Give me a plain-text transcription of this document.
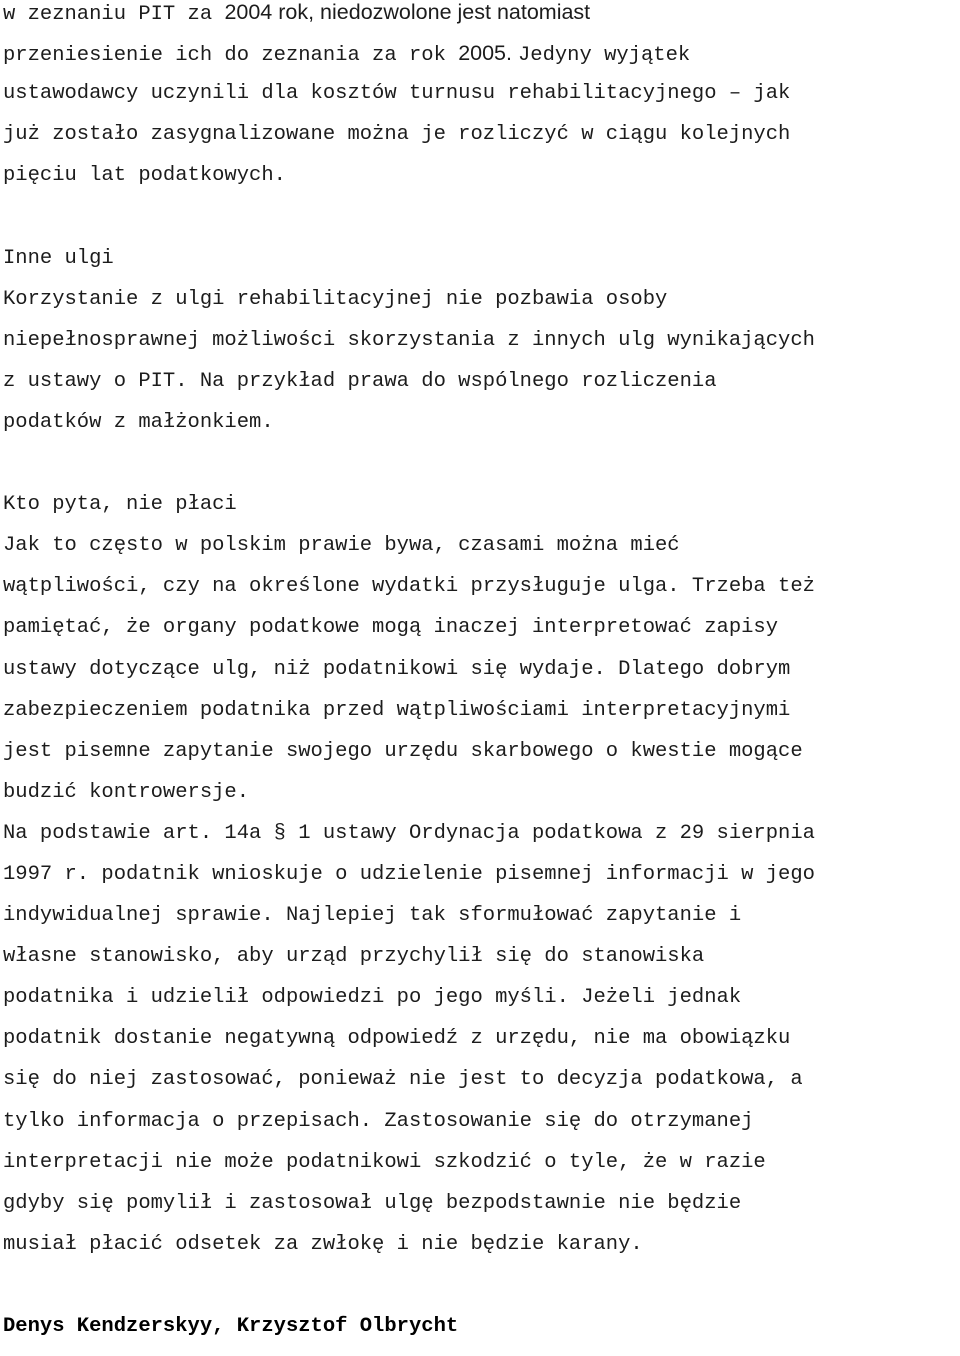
w zeznaniu PIT za 2004 rok, niedozwolone jest natomiast
przeniesienie ich do zeznania za rok 2005. Jedyny wyjątek
ustawodawcy uczynili dla kosztów turnusu rehabilitacyjnego – jak
już zostało zasygnalizowane można je rozliczyć w ciągu kolejnych
pięciu lat podatkowych.
Inne ulgi
Korzystanie z ulgi rehabilitacyjnej nie pozbawia osoby
niepełnosprawnej możliwości skorzystania z innych ulg wynikających
z ustawy o PIT. Na przykład prawa do wspólnego rozliczenia
podatków z małżonkiem.
Kto pyta, nie płaci
Jak to często w polskim prawie bywa, czasami można mieć
wątpliwości, czy na określone wydatki przysługuje ulga. Trzeba też
pamiętać, że organy podatkowe mogą inaczej interpretować zapisy
ustawy dotyczące ulg, niż podatnikowi się wydaje. Dlatego dobrym
zabezpieczeniem podatnika przed wątpliwościami interpretacyjnymi
jest pisemne zapytanie swojego urzędu skarbowego o kwestie mogące
budzić kontrowersje.
Na podstawie art. 14a § 1 ustawy Ordynacja podatkowa z 29 sierpnia
1997 r. podatnik wnioskuje o udzielenie pisemnej informacji w jego
indywidualnej sprawie. Najlepiej tak sformułować zapytanie i
własne stanowisko, aby urząd przychylił się do stanowiska
podatnika i udzielił odpowiedzi po jego myśli. Jeżeli jednak
podatnik dostanie negatywną odpowiedź z urzędu, nie ma obowiązku
się do niej zastosować, ponieważ nie jest to decyzja podatkowa, a
tylko informacja o przepisach. Zastosowanie się do otrzymanej
interpretacji nie może podatnikowi szkodzić o tyle, że w razie
gdyby się pomylił i zastosował ulgę bezpodstawnie nie będzie
musiał płacić odsetek za zwłokę i nie będzie karany.
Denys Kendzerskyy, Krzysztof Olbrycht
